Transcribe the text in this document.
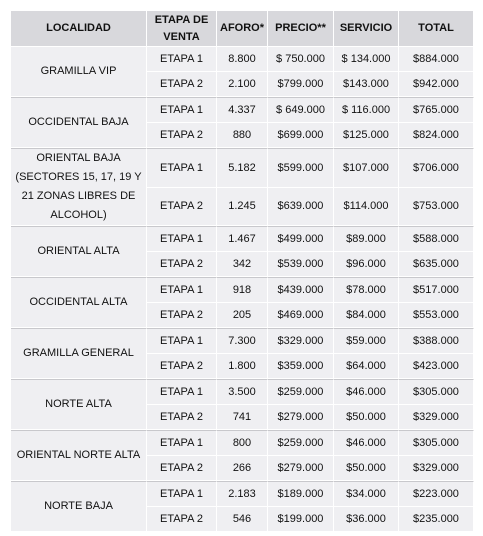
LOCALIDAD	ETAPA DE VENTA	AFORO*	PRECIO**	SERVICIO	TOTAL
GRAMILLA VIP	ETAPA 1	8.800	$ 750.000	$ 134.000	$884.000
	ETAPA 2	2.100	$799.000	$143.000	$942.000
OCCIDENTAL BAJA	ETAPA 1	4.337	$ 649.000	$ 116.000	$765.000
	ETAPA 2	880	$699.000	$125.000	$824.000
ORIENTAL BAJA (SECTORES 15, 17, 19 Y 21 ZONAS LIBRES DE ALCOHOL)	ETAPA 1	5.182	$599.000	$107.000	$706.000
	ETAPA 2	1.245	$639.000	$114.000	$753.000
ORIENTAL ALTA	ETAPA 1	1.467	$499.000	$89.000	$588.000
	ETAPA 2	342	$539.000	$96.000	$635.000
OCCIDENTAL ALTA	ETAPA 1	918	$439.000	$78.000	$517.000
	ETAPA 2	205	$469.000	$84.000	$553.000
GRAMILLA GENERAL	ETAPA 1	7.300	$329.000	$59.000	$388.000
	ETAPA 2	1.800	$359.000	$64.000	$423.000
NORTE ALTA	ETAPA 1	3.500	$259.000	$46.000	$305.000
	ETAPA 2	741	$279.000	$50.000	$329.000
ORIENTAL NORTE ALTA	ETAPA 1	800	$259.000	$46.000	$305.000
	ETAPA 2	266	$279.000	$50.000	$329.000
NORTE BAJA	ETAPA 1	2.183	$189.000	$34.000	$223.000
	ETAPA 2	546	$199.000	$36.000	$235.000
